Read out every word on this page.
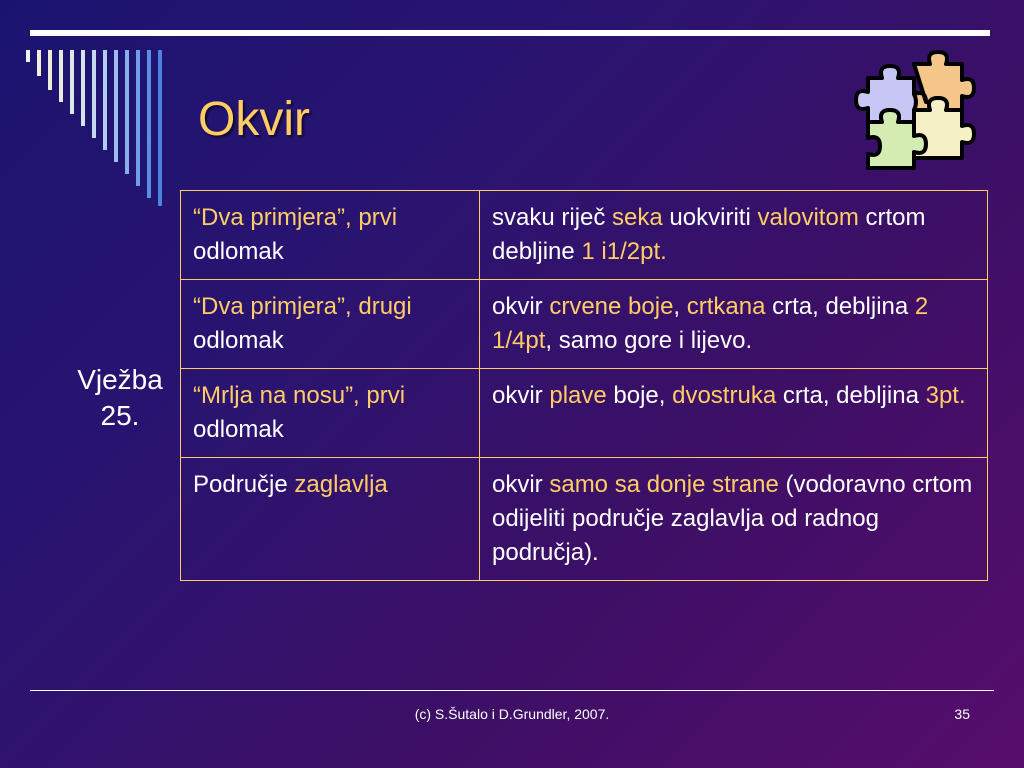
Okvir
Vježba 25.
“Dva primjera”, prvi odlomak	svaku riječ seka uokviriti valovitom crtom debljine 1 i1/2pt.
“Dva primjera”, drugi odlomak	okvir crvene boje, crtkana crta, debljina 2 1/4pt, samo gore i lijevo.
“Mrlja na nosu”, prvi odlomak	okvir plave boje, dvostruka crta, debljina 3pt.
Područje zaglavlja	okvir samo sa donje strane (vodoravno crtom odijeliti područje zaglavlja od radnog područja).
(c) S.Šutalo i D.Grundler, 2007.	35
